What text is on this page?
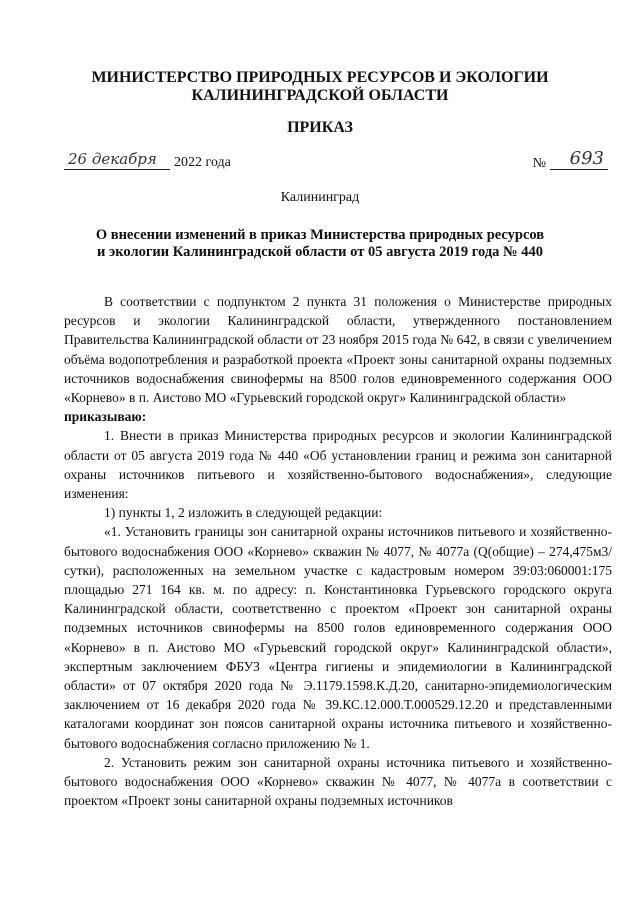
МИНИСТЕРСТВО ПРИРОДНЫХ РЕСУРСОВ И ЭКОЛОГИИ
КАЛИНИНГРАДСКОЙ ОБЛАСТИ
ПРИКАЗ
26 декабря 2022 года	№ 693
Калининград
О внесении изменений в приказ Министерства природных ресурсов
и экологии Калининградской области от 05 августа 2019 года № 440

В соответствии с подпунктом 2 пункта 31 положения о Министерстве природных ресурсов и экологии Калининградской области, утвержденного постановлением Правительства Калининградской области от 23 ноября 2015 года № 642, в связи с увеличением объёма водопотребления и разработкой проекта «Проект зоны санитарной охраны подземных источников водоснабжения свинофермы на 8500 голов единовременного содержания ООО «Корнево» в п. Аистово МО «Гурьевский городской округ» Калининградской области»

приказываю:

1. Внести в приказ Министерства природных ресурсов и экологии Калининградской области от 05 августа 2019 года № 440 «Об установлении границ и режима зон санитарной охраны источников питьевого и хозяйственно-бытового водоснабжения», следующие изменения:

1) пункты 1, 2 изложить в следующей редакции:

«1. Установить границы зон санитарной охраны источников питьевого и хозяйственно-бытового водоснабжения ООО «Корнево» скважин № 4077, № 4077а (Q(общие) – 274,475м3/сутки), расположенных на земельном участке с кадастровым номером 39:03:060001:175 площадью 271 164 кв. м. по адресу: п. Константиновка Гурьевского городского округа Калининградской области, соответственно с проектом «Проект зон санитарной охраны подземных источников свинофермы на 8500 голов единовременного содержания ООО «Корнево» в п. Аистово МО «Гурьевский городской округ» Калининградской области», экспертным заключением ФБУЗ «Центра гигиены и эпидемиологии в Калининградской области» от 07 октября 2020 года № Э.1179.1598.К.Д.20, санитарно-эпидемиологическим заключением от 16 декабря 2020 года № 39.КС.12.000.Т.000529.12.20 и представленными каталогами координат зон поясов санитарной охраны источника питьевого и хозяйственно-бытового водоснабжения согласно приложению № 1.

2. Установить режим зон санитарной охраны источника питьевого и хозяйственно-бытового водоснабжения ООО «Корнево» скважин № 4077, № 4077а в соответствии с проектом «Проект зоны санитарной охраны подземных источников
